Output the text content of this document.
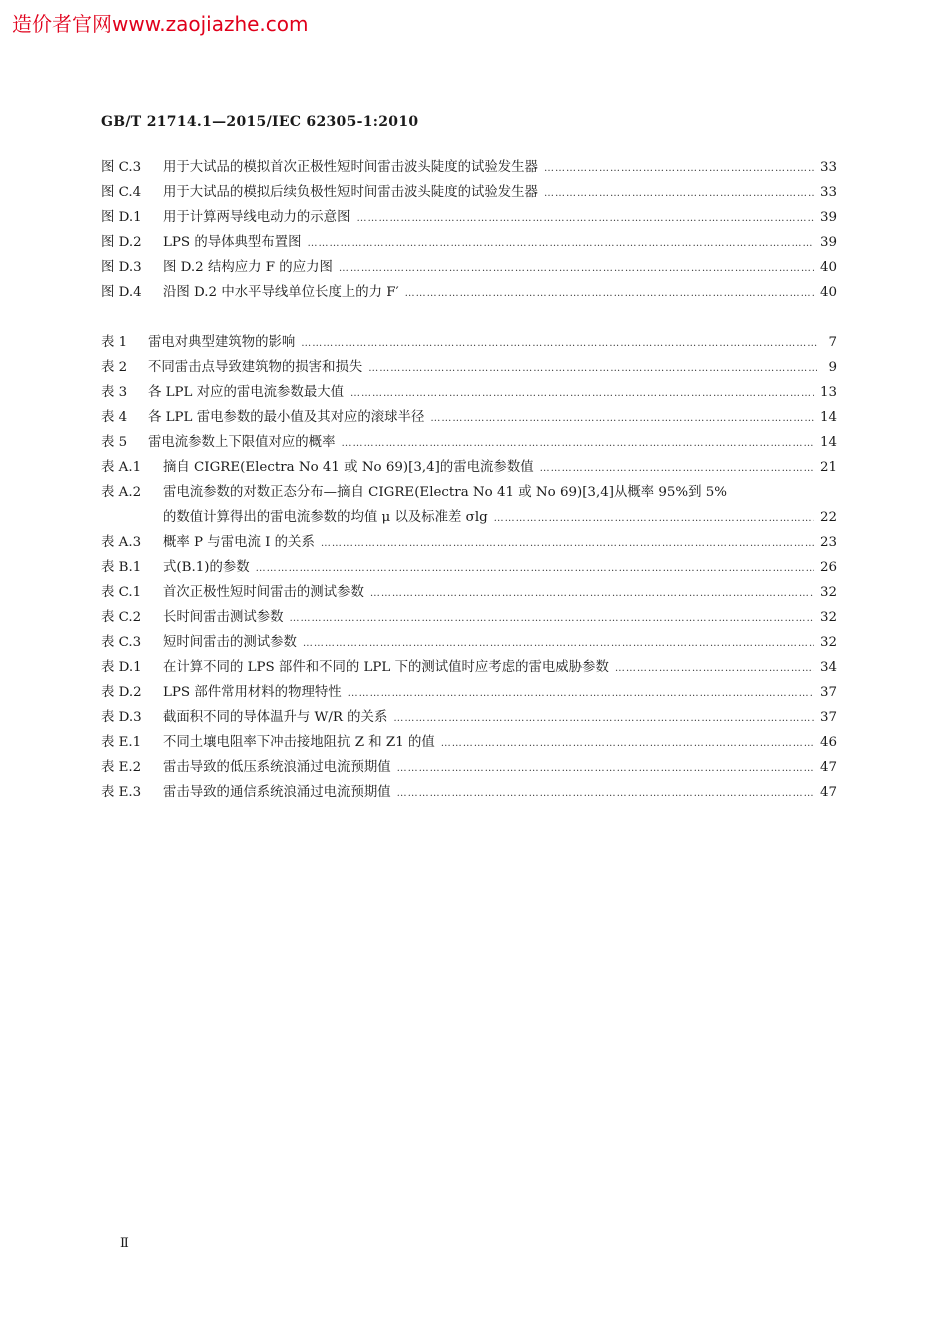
造价者官网www.zaojiazhe.com
GB/T 21714.1—2015/IEC 62305-1:2010
图 C.3	用于大试品的模拟首次正极性短时间雷击波头陡度的试验发生器 …………………………………………………………………………………………………………………………………………………………………………	33
图 C.4	用于大试品的模拟后续负极性短时间雷击波头陡度的试验发生器 …………………………………………………………………………………………………………………………………………………………………………	33
图 D.1	用于计算两导线电动力的示意图 …………………………………………………………………………………………………………………………………………………………………………	39
图 D.2	LPS 的导体典型布置图 …………………………………………………………………………………………………………………………………………………………………………	39
图 D.3	图 D.2 结构应力 F 的应力图 …………………………………………………………………………………………………………………………………………………………………………	40
图 D.4	沿图 D.2 中水平导线单位长度上的力 F′ …………………………………………………………………………………………………………………………………………………………………………	40
表 1	雷电对典型建筑物的影响 …………………………………………………………………………………………………………………………………………………………………………	7
表 2	不同雷击点导致建筑物的损害和损失 …………………………………………………………………………………………………………………………………………………………………………	9
表 3	各 LPL 对应的雷电流参数最大值 …………………………………………………………………………………………………………………………………………………………………………	13
表 4	各 LPL 雷电参数的最小值及其对应的滚球半径 …………………………………………………………………………………………………………………………………………………………………………	14
表 5	雷电流参数上下限值对应的概率 …………………………………………………………………………………………………………………………………………………………………………	14
表 A.1	摘自 CIGRE(Electra No 41 或 No 69)[3,4]的雷电流参数值 …………………………………………………………………………………………………………………………………………………………………………	21
表 A.2	雷电流参数的对数正态分布—摘自 CIGRE(Electra No 41 或 No 69)[3,4]从概率 95%到 5%
的数值计算得出的雷电流参数的均值 μ 以及标准差 σlg …………………………………………………………………………………………………………………………………………………………………………	22
表 A.3	概率 P 与雷电流 I 的关系 …………………………………………………………………………………………………………………………………………………………………………	23
表 B.1	式(B.1)的参数 …………………………………………………………………………………………………………………………………………………………………………	26
表 C.1	首次正极性短时间雷击的测试参数 …………………………………………………………………………………………………………………………………………………………………………	32
表 C.2	长时间雷击测试参数 …………………………………………………………………………………………………………………………………………………………………………	32
表 C.3	短时间雷击的测试参数 …………………………………………………………………………………………………………………………………………………………………………	32
表 D.1	在计算不同的 LPS 部件和不同的 LPL 下的测试值时应考虑的雷电威胁参数 …………………………………………………………………………………………………………………………………………………………………………	34
表 D.2	LPS 部件常用材料的物理特性 …………………………………………………………………………………………………………………………………………………………………………	37
表 D.3	截面积不同的导体温升与 W/R 的关系 …………………………………………………………………………………………………………………………………………………………………………	37
表 E.1	不同土壤电阻率下冲击接地阻抗 Z 和 Z1 的值 …………………………………………………………………………………………………………………………………………………………………………	46
表 E.2	雷击导致的低压系统浪涌过电流预期值 …………………………………………………………………………………………………………………………………………………………………………	47
表 E.3	雷击导致的通信系统浪涌过电流预期值 …………………………………………………………………………………………………………………………………………………………………………	47
Ⅱ
